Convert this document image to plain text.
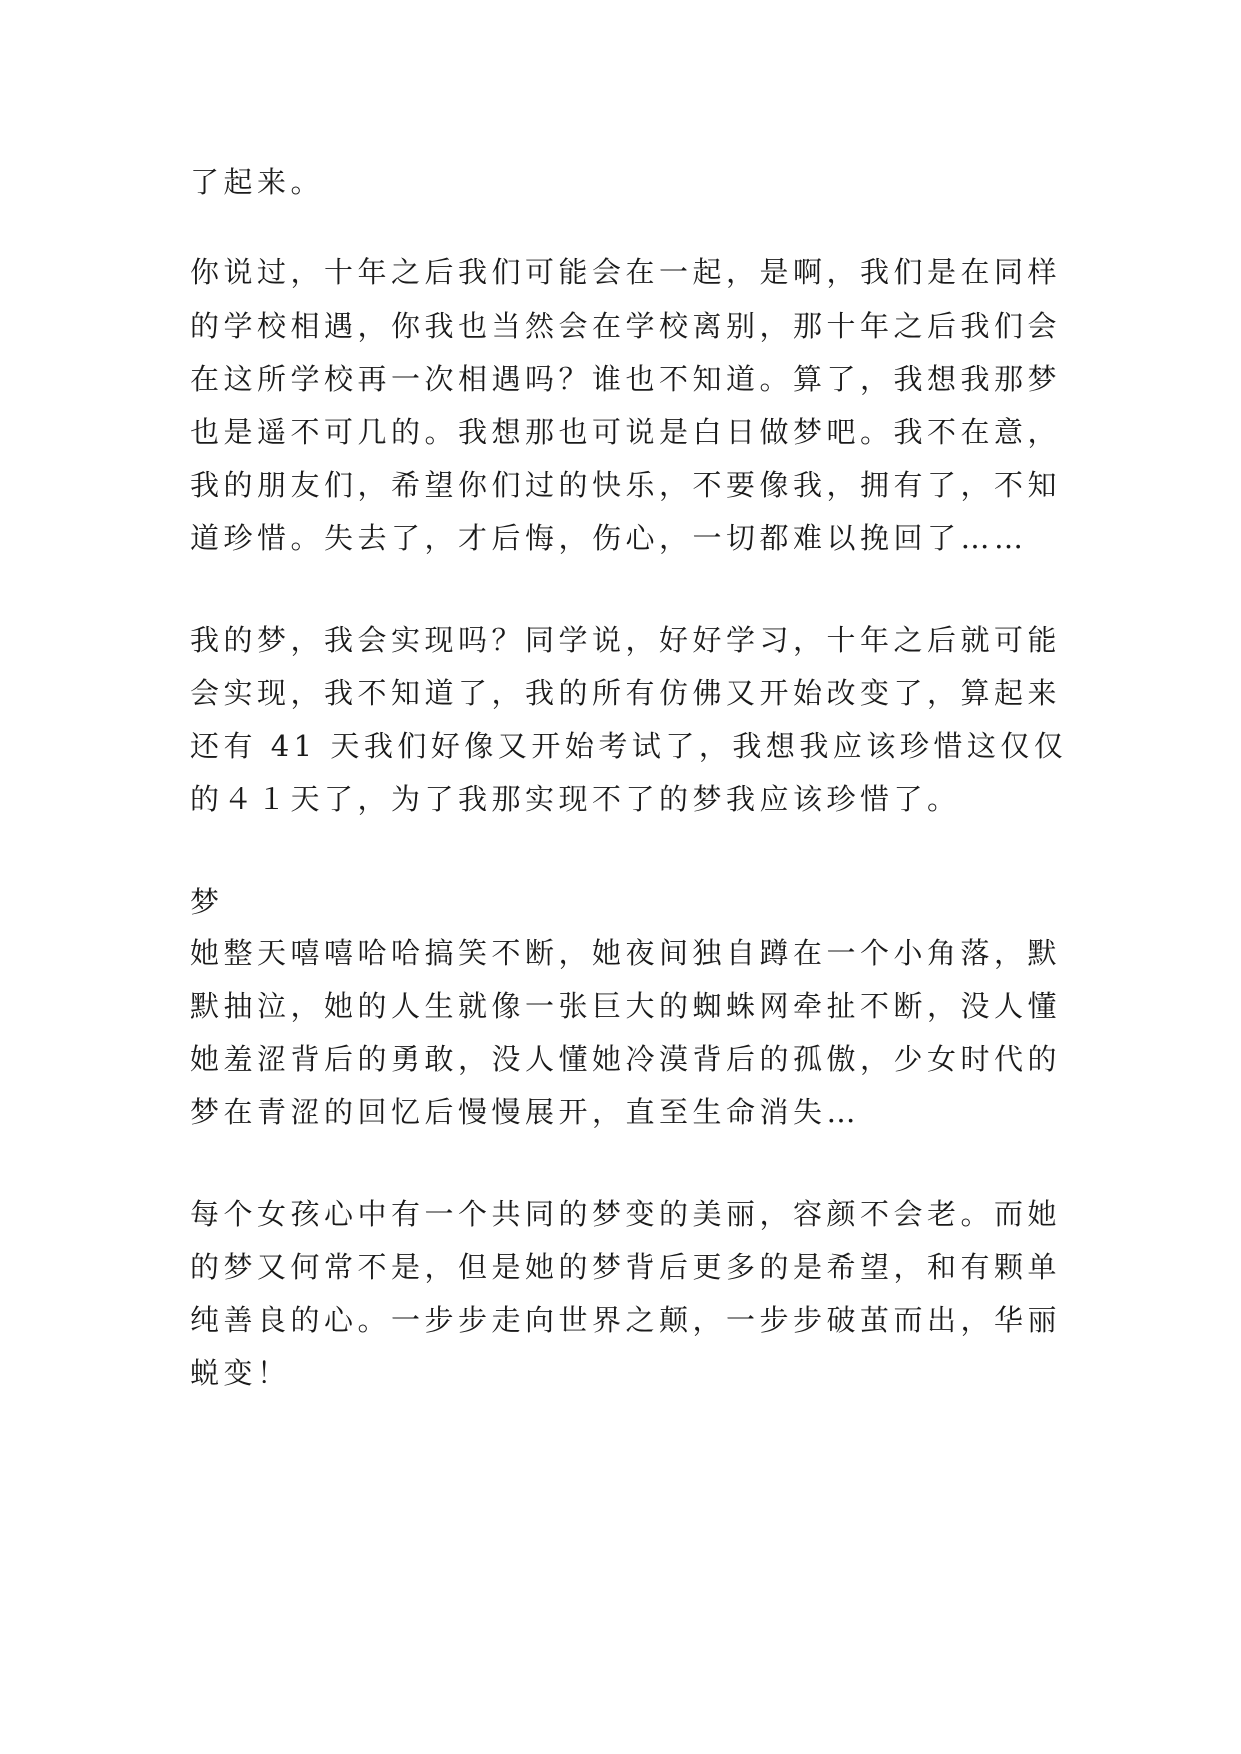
了起来。

你说过，十年之后我们可能会在一起，是啊，我们是在同样

的学校相遇，你我也当然会在学校离别，那十年之后我们会

在这所学校再一次相遇吗？谁也不知道。算了，我想我那梦

也是遥不可几的。我想那也可说是白日做梦吧。我不在意，

我的朋友们，希望你们过的快乐，不要像我，拥有了，不知

道珍惜。失去了，才后悔，伤心，一切都难以挽回了……

我的梦，我会实现吗？同学说，好好学习，十年之后就可能

会实现，我不知道了，我的所有仿佛又开始改变了，算起来

还有 41 天我们好像又开始考试了，我想我应该珍惜这仅仅

的４１天了，为了我那实现不了的梦我应该珍惜了。

梦

她整天嘻嘻哈哈搞笑不断，她夜间独自蹲在一个小角落，默

默抽泣，她的人生就像一张巨大的蜘蛛网牵扯不断，没人懂

她羞涩背后的勇敢，没人懂她冷漠背后的孤傲，少女时代的

梦在青涩的回忆后慢慢展开，直至生命消失…

每个女孩心中有一个共同的梦变的美丽，容颜不会老。而她

的梦又何常不是，但是她的梦背后更多的是希望，和有颗单

纯善良的心。一步步走向世界之颠，一步步破茧而出，华丽

蜕变！
